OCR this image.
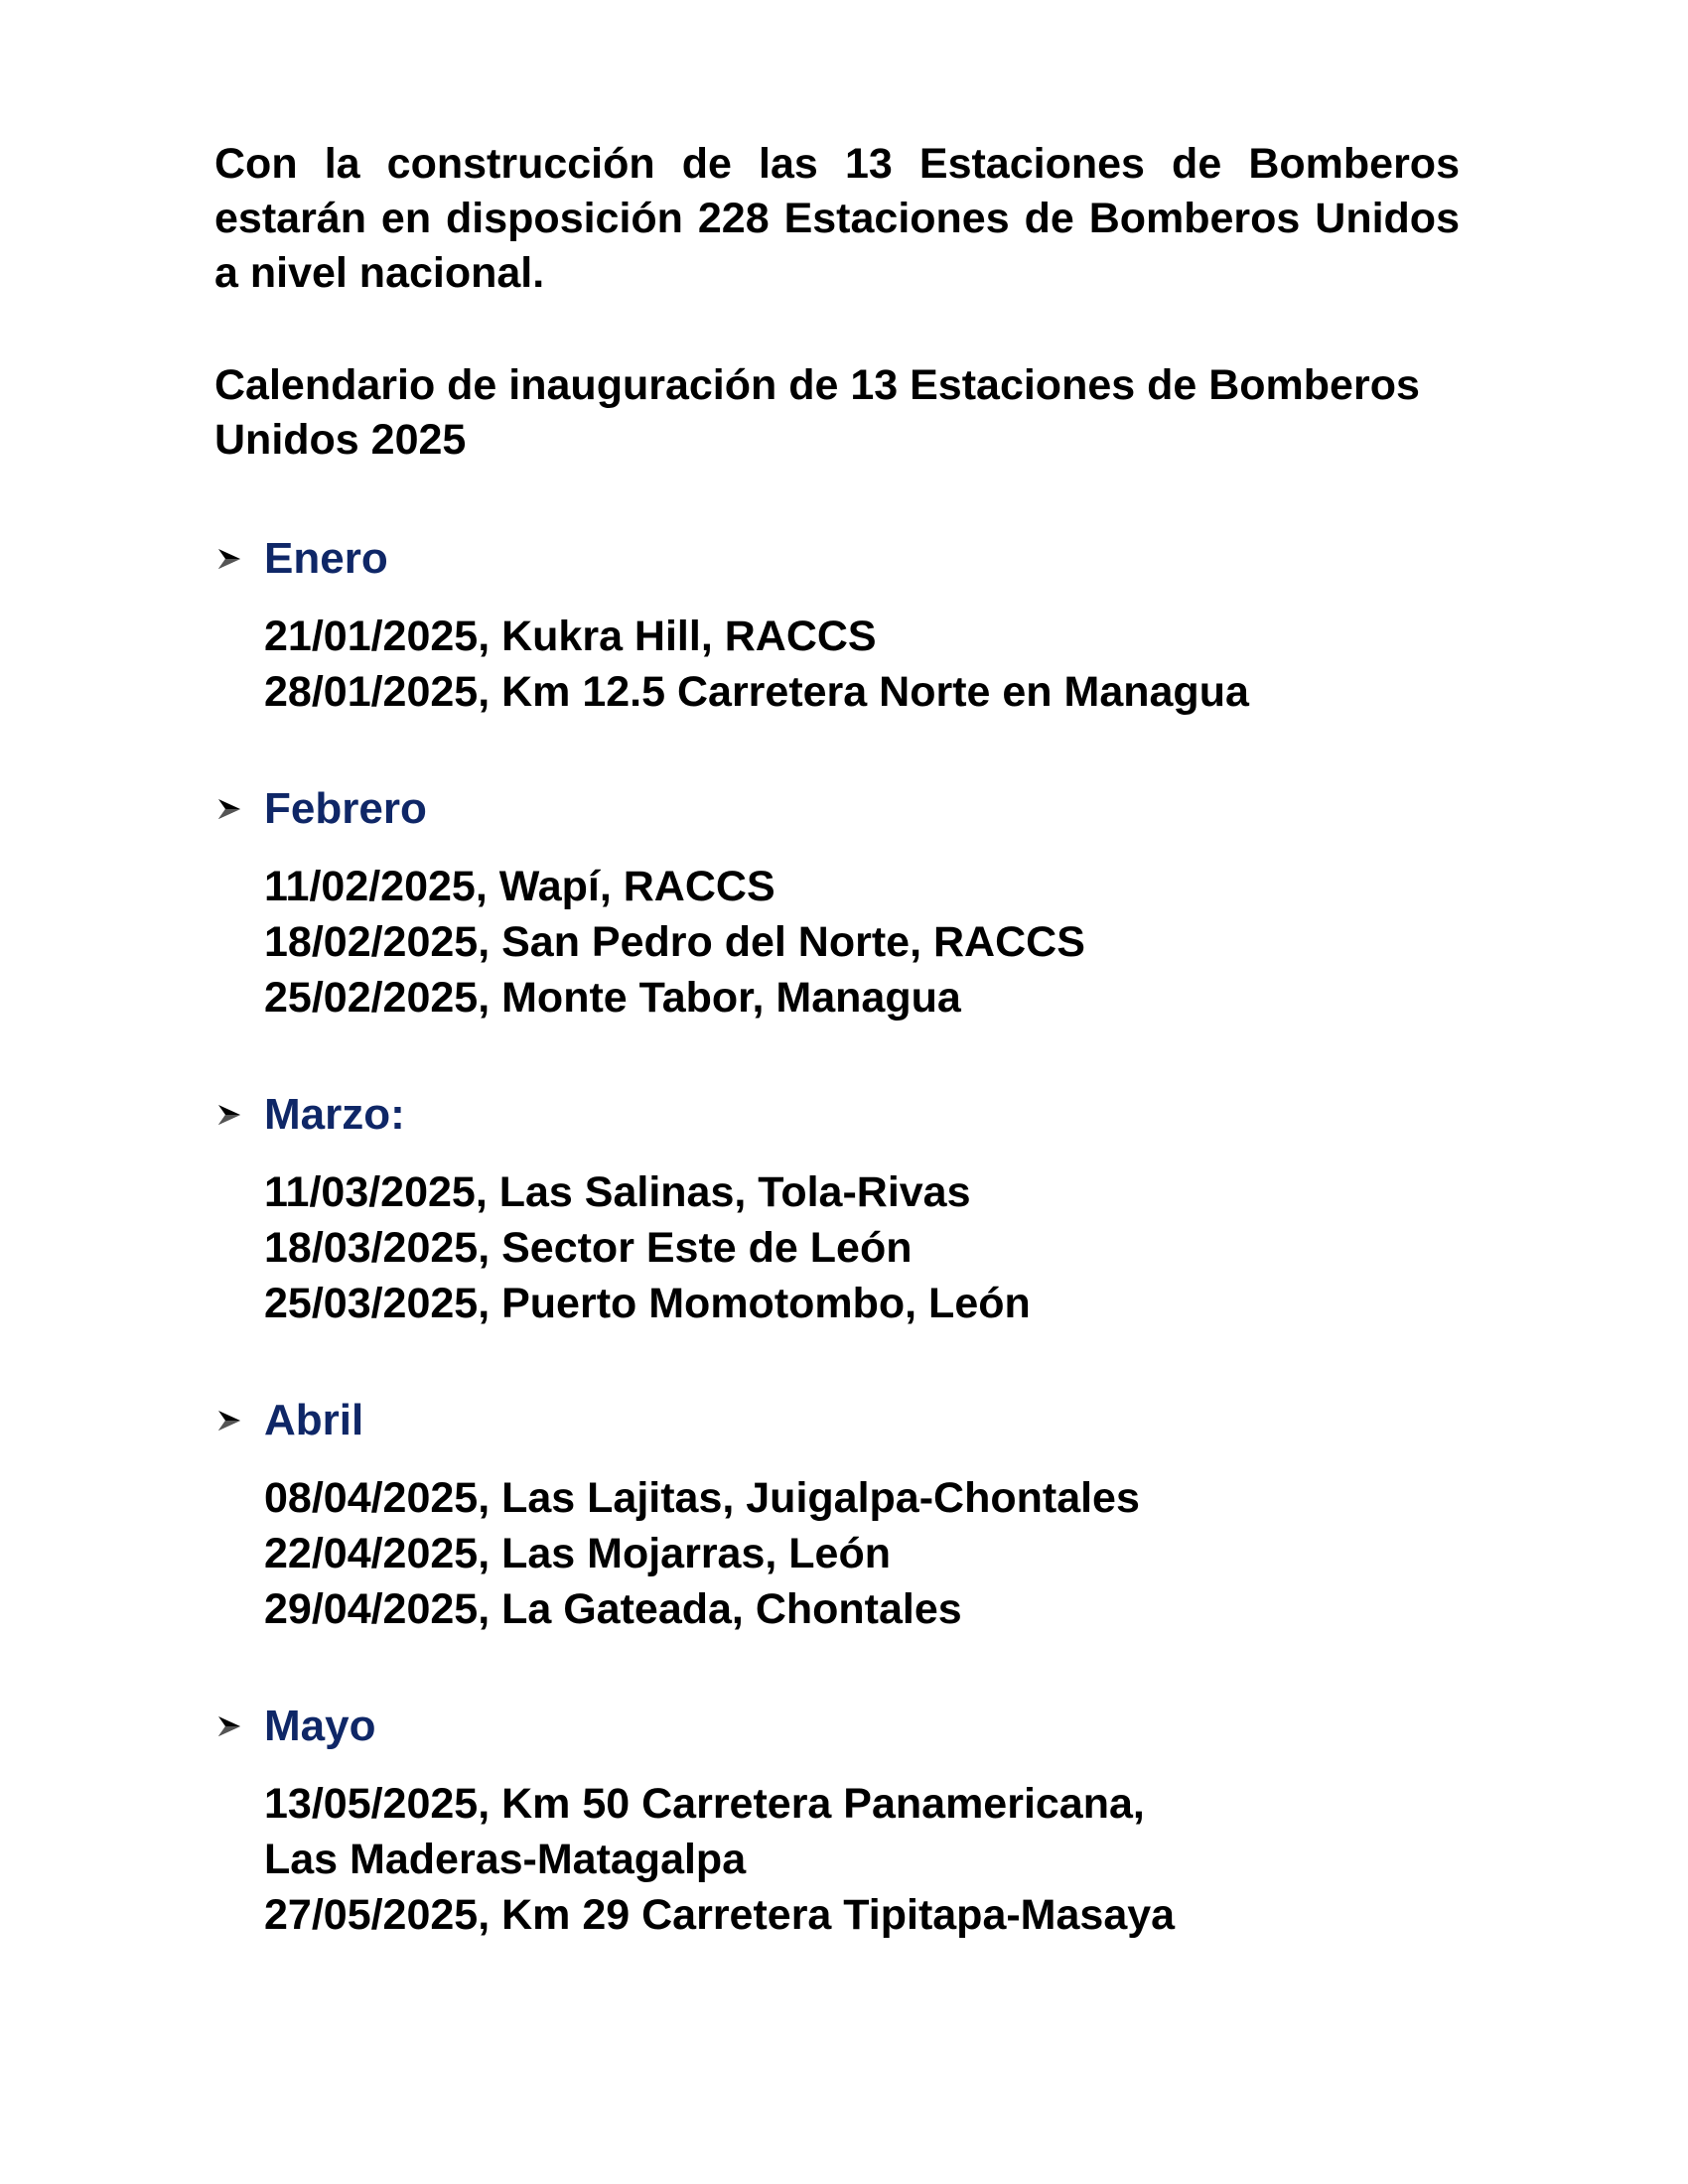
Con la construcción de las 13 Estaciones de Bomberos estarán en disposición 228 Estaciones de Bomberos Unidos a nivel nacional.

Calendario de inauguración de 13 Estaciones de Bomberos Unidos 2025

Enero
21/01/2025, Kukra Hill, RACCS
28/01/2025, Km 12.5 Carretera Norte en Managua
Febrero
11/02/2025, Wapí, RACCS
18/02/2025, San Pedro del Norte, RACCS
25/02/2025, Monte Tabor, Managua
Marzo:
11/03/2025, Las Salinas, Tola-Rivas
18/03/2025, Sector Este de León
25/03/2025, Puerto Momotombo, León
Abril
08/04/2025, Las Lajitas, Juigalpa-Chontales
22/04/2025, Las Mojarras, León
29/04/2025, La Gateada, Chontales
Mayo
13/05/2025, Km 50 Carretera Panamericana,
Las Maderas-Matagalpa
27/05/2025, Km 29 Carretera Tipitapa-Masaya
